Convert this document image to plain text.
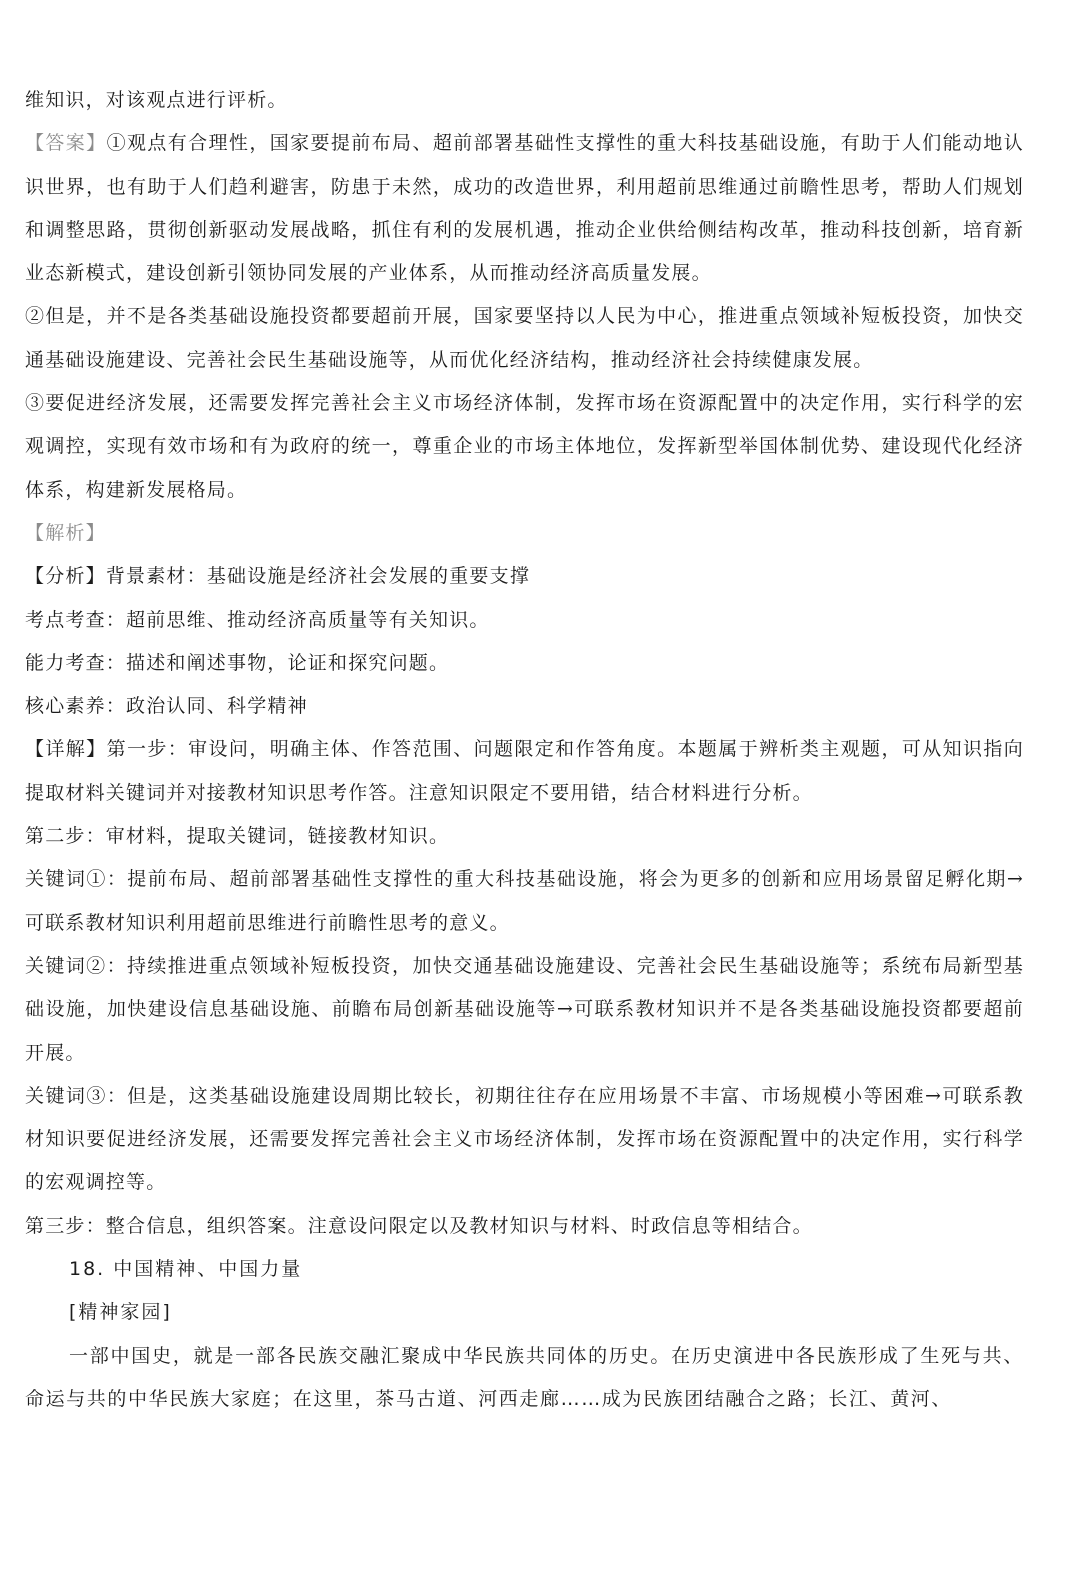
维知识，对该观点进行评析。

【答案】①观点有合理性，国家要提前布局、超前部署基础性支撑性的重大科技基础设施，有助于人们能动地认识世界，也有助于人们趋利避害，防患于未然，成功的改造世界，利用超前思维通过前瞻性思考，帮助人们规划和调整思路，贯彻创新驱动发展战略，抓住有利的发展机遇，推动企业供给侧结构改革，推动科技创新，培育新业态新模式，建设创新引领协同发展的产业体系，从而推动经济高质量发展。

②但是，并不是各类基础设施投资都要超前开展，国家要坚持以人民为中心，推进重点领域补短板投资，加快交通基础设施建设、完善社会民生基础设施等，从而优化经济结构，推动经济社会持续健康发展。

③要促进经济发展，还需要发挥完善社会主义市场经济体制，发挥市场在资源配置中的决定作用，实行科学的宏观调控，实现有效市场和有为政府的统一，尊重企业的市场主体地位，发挥新型举国体制优势、建设现代化经济体系，构建新发展格局。

【解析】

【分析】背景素材：基础设施是经济社会发展的重要支撑

考点考查：超前思维、推动经济高质量等有关知识。

能力考查：描述和阐述事物，论证和探究问题。

核心素养：政治认同、科学精神

【详解】第一步：审设问，明确主体、作答范围、问题限定和作答角度。本题属于辨析类主观题，可从知识指向提取材料关键词并对接教材知识思考作答。注意知识限定不要用错，结合材料进行分析。

第二步：审材料，提取关键词，链接教材知识。

关键词①：提前布局、超前部署基础性支撑性的重大科技基础设施，将会为更多的创新和应用场景留足孵化期→可联系教材知识利用超前思维进行前瞻性思考的意义。

关键词②：持续推进重点领域补短板投资，加快交通基础设施建设、完善社会民生基础设施等；系统布局新型基础设施，加快建设信息基础设施、前瞻布局创新基础设施等→可联系教材知识并不是各类基础设施投资都要超前开展。

关键词③：但是，这类基础设施建设周期比较长，初期往往存在应用场景不丰富、市场规模小等困难→可联系教材知识要促进经济发展，还需要发挥完善社会主义市场经济体制，发挥市场在资源配置中的决定作用，实行科学的宏观调控等。

第三步：整合信息，组织答案。注意设问限定以及教材知识与材料、时政信息等相结合。

18. 中国精神、中国力量

[精神家园]

一部中国史，就是一部各民族交融汇聚成中华民族共同体的历史。在历史演进中各民族形成了生死与共、命运与共的中华民族大家庭；在这里，茶马古道、河西走廊……成为民族团结融合之路；长江、黄河、
